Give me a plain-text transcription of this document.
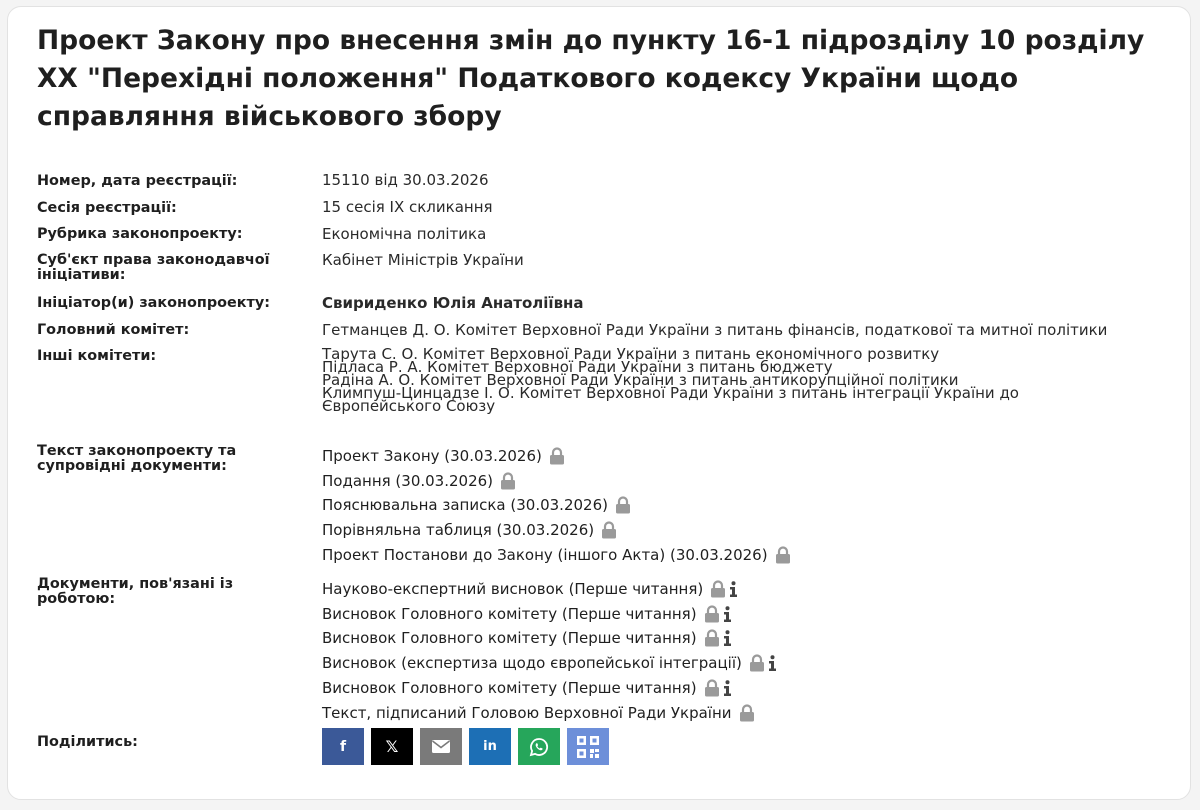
Проект Закону про внесення змін до пункту 16-1 підрозділу 10 розділу XX "Перехідні положення" Податкового кодексу України щодо справляння військового збору
Номер, дата реєстрації:	15110 від 30.03.2026
Сесія реєстрації:	15 сесія IX скликання
Рубрика законопроекту:	Економічна політика
Суб'єкт права законодавчої ініціативи:
Кабінет Міністрів України
Ініціатор(и) законопроекту:	Свириденко Юлія Анатоліївна
Головний комітет:	Гетманцев Д. О. Комітет Верховної Ради України з питань фінансів, податкової та митної політики
Інші комітети:	Тарута С. О. Комітет Верховної Ради України з питань економічного розвитку
Підласа Р. А. Комітет Верховної Ради України з питань бюджету
Радіна А. О. Комітет Верховної Ради України з питань антикорупційної політики
Климпуш-Цинцадзе І. О. Комітет Верховної Ради України з питань інтеграції України до Європейського Союзу
Текст законопроекту та супровідні документи:
Проект Закону (30.03.2026)
Подання (30.03.2026)
Пояснювальна записка (30.03.2026)
Порівняльна таблиця (30.03.2026)
Проект Постанови до Закону (іншого Акта) (30.03.2026)
Документи, пов'язані із роботою:
Науково-експертний висновок (Перше читання)
Висновок Головного комітету (Перше читання)
Висновок Головного комітету (Перше читання)
Висновок (експертиза щодо європейської інтеграції)
Висновок Головного комітету (Перше читання)
Текст, підписаний Головою Верховної Ради України
Поділитись:	f 𝕏	in
